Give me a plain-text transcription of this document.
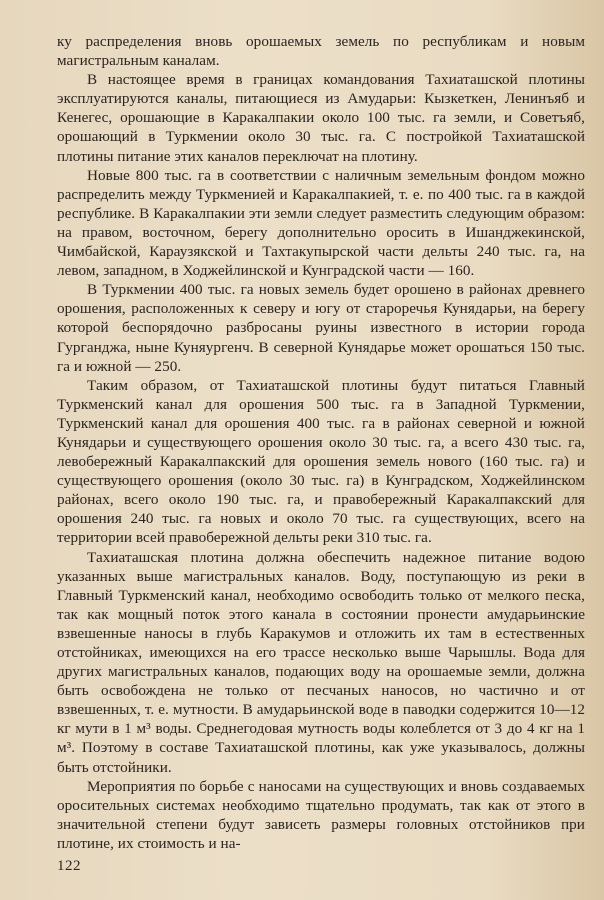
ку распределения вновь орошаемых земель по республикам и новым магистральным каналам.

В настоящее время в границах командования Тахиаташской плотины эксплуатируются каналы, питающиеся из Амударьи: Кызкеткен, Ленинъяб и Кенегес, орошающие в Каракалпакии около 100 тыс. га земли, и Советъяб, орошающий в Туркмении около 30 тыс. га. С постройкой Тахиаташской плотины питание этих каналов переключат на плотину.

Новые 800 тыс. га в соответствии с наличным земельным фондом можно распределить между Туркменией и Каракалпакией, т. е. по 400 тыс. га в каждой республике. В Каракалпакии эти земли следует разместить следующим образом: на правом, восточном, берегу дополнительно оросить в Ишанджекинской, Чимбайской, Караузякской и Тахтакупырской части дельты 240 тыс. га, на левом, западном, в Ходжейлинской и Кунградской части — 160.

В Туркмении 400 тыс. га новых земель будет орошено в районах древнего орошения, расположенных к северу и югу от староречья Кунядарьи, на берегу которой беспорядочно разбросаны руины известного в истории города Гурганджа, ныне Куняургенч. В северной Кунядарье может орошаться 150 тыс. га и южной — 250.

Таким образом, от Тахиаташской плотины будут питаться Главный Туркменский канал для орошения 500 тыс. га в Западной Туркмении, Туркменский канал для орошения 400 тыс. га в районах северной и южной Кунядарьи и существующего орошения около 30 тыс. га, а всего 430 тыс. га, левобережный Каракалпакский для орошения земель нового (160 тыс. га) и существующего орошения (около 30 тыс. га) в Кунградском, Ходжейлинском районах, всего около 190 тыс. га, и правобережный Каракалпакский для орошения 240 тыс. га новых и около 70 тыс. га существующих, всего на территории всей правобережной дельты реки 310 тыс. га.

Тахиаташская плотина должна обеспечить надежное питание водою указанных выше магистральных каналов. Воду, поступающую из реки в Главный Туркменский канал, необходимо освободить только от мелкого песка, так как мощный поток этого канала в состоянии пронести амударьинские взвешенные наносы в глубь Каракумов и отложить их там в естественных отстойниках, имеющихся на его трассе несколько выше Чарышлы. Вода для других магистральных каналов, подающих воду на орошаемые земли, должна быть освобождена не только от песчаных наносов, но частично и от взвешенных, т. е. мутности. В амударьинской воде в паводки содержится 10—12 кг мути в 1 м³ воды. Среднегодовая мутность воды колеблется от 3 до 4 кг на 1 м³. Поэтому в составе Тахиаташской плотины, как уже указывалось, должны быть отстойники.

Мероприятия по борьбе с наносами на существующих и вновь создаваемых оросительных системах необходимо тщательно продумать, так как от этого в значительной степени будут зависеть размеры головных отстойников при плотине, их стоимость и на-

122
